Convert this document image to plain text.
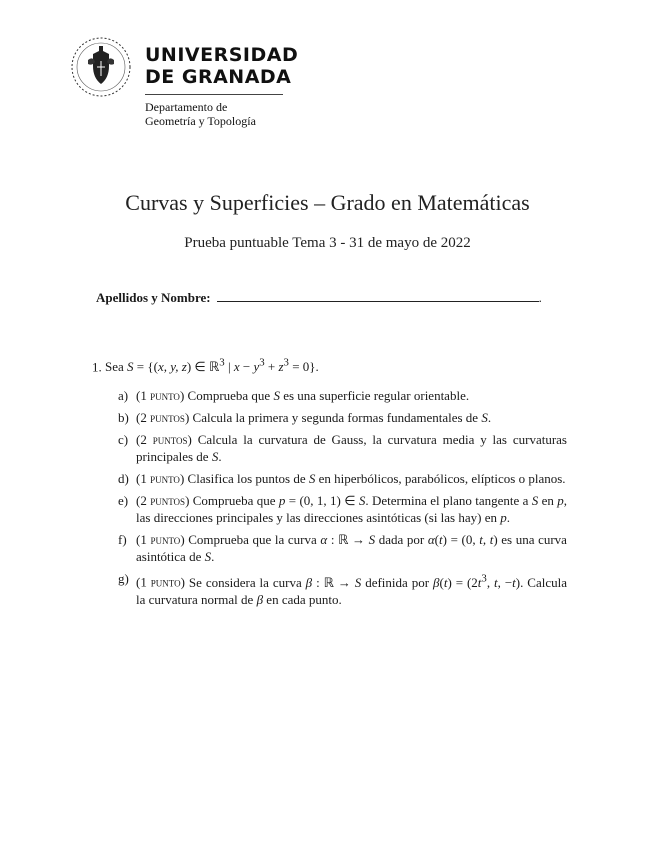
UNIVERSIDAD
DE GRANADA
Departamento de
Geometría y Topología
Curvas y Superficies – Grado en Matemáticas
Prueba puntuable Tema 3 - 31 de mayo de 2022
Apellidos y Nombre:	.
1. Sea S = {(x, y, z) ∈ ℝ$^3$ | $x - y^3 + z^3 = 0$}.
a) (1 punto) Comprueba que S es una superficie regular orientable.
b) (2 puntos) Calcula la primera y segunda formas fundamentales de S.
c) (2 puntos) Calcula la curvatura de Gauss, la curvatura media y las curvaturas principales de S.
d) (1 punto) Clasifica los puntos de S en hiperbólicos, parabólicos, elípticos o planos.
e) (2 puntos) Comprueba que p = (0, 1, 1) ∈ S. Determina el plano tangente a S en p, las direcciones principales y las direcciones asintóticas (si las hay) en p.
f) (1 punto) Comprueba que la curva α : ℝ → S dada por α(t) = (0, t, t) es una curva asintótica de S.
g) (1 punto) Se considera la curva β : ℝ → S definida por $\beta(t) = (2t^3$, t, −t). Calcula la curvatura normal de β en cada punto.
